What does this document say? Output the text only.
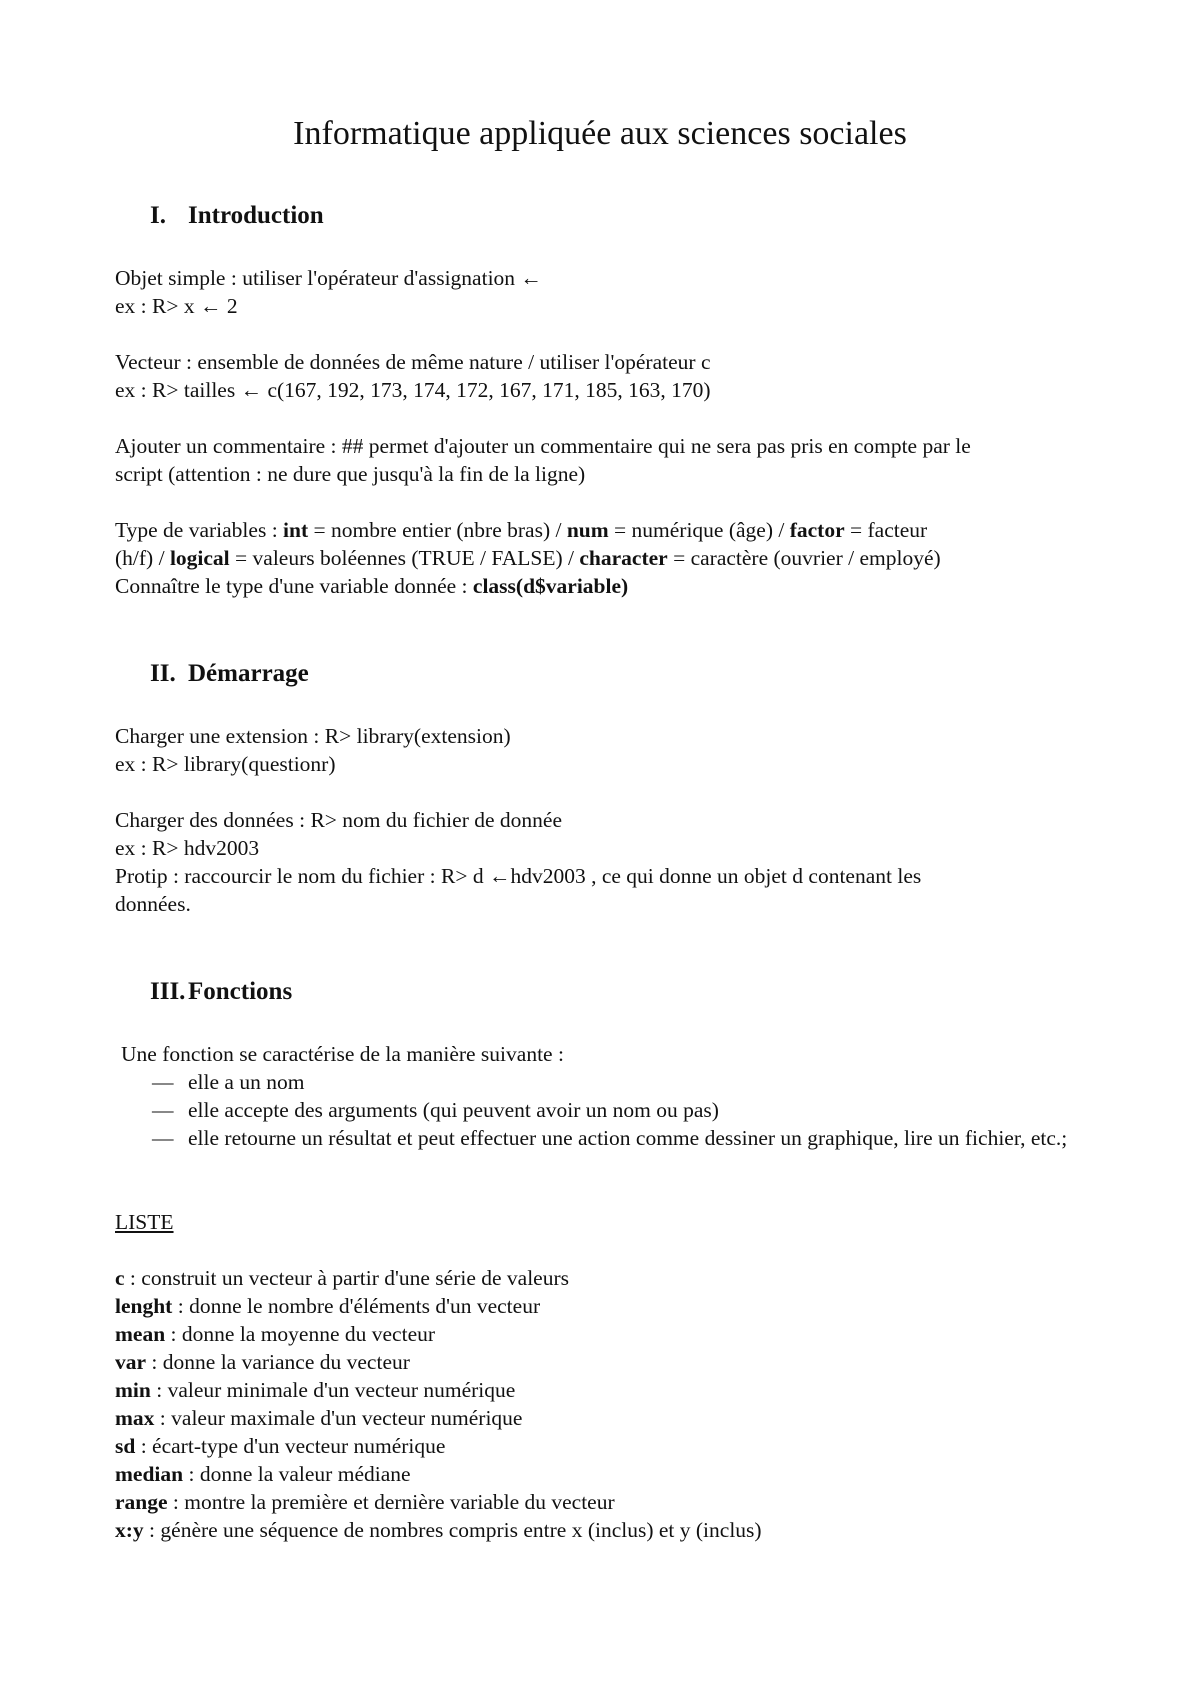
Informatique appliquée aux sciences sociales
I. Introduction

Objet simple : utiliser l'opérateur d'assignation ←
ex : R> x ← 2

Vecteur : ensemble de données de même nature / utiliser l'opérateur c
ex : R> tailles ← c(167, 192, 173, 174, 172, 167, 171, 185, 163, 170)

Ajouter un commentaire : ## permet d'ajouter un commentaire qui ne sera pas pris en compte par le
script (attention : ne dure que jusqu'à la fin de la ligne)

Type de variables : int = nombre entier (nbre bras) / num = numérique (âge) / factor = facteur
(h/f) / logical = valeurs boléennes (TRUE / FALSE) / character = caractère (ouvrier / employé)
Connaître le type d'une variable donnée : class(d$variable)

II. Démarrage

Charger une extension : R> library(extension)
ex : R> library(questionr)

Charger des données : R> nom du fichier de donnée
ex : R> hdv2003
Protip : raccourcir le nom du fichier : R> d ←hdv2003 , ce qui donne un objet d contenant les
données.

III. Fonctions

Une fonction se caractérise de la manière suivante :

— elle a un nom
— elle accepte des arguments (qui peuvent avoir un nom ou pas)
— elle retourne un résultat et peut effectuer une action comme dessiner un graphique, lire un fichier, etc.;

LISTE

c : construit un vecteur à partir d'une série de valeurs
lenght : donne le nombre d'éléments d'un vecteur
mean : donne la moyenne du vecteur
var : donne la variance du vecteur
min : valeur minimale d'un vecteur numérique
max : valeur maximale d'un vecteur numérique
sd : écart-type d'un vecteur numérique
median : donne la valeur médiane
range : montre la première et dernière variable du vecteur
x:y : génère une séquence de nombres compris entre x (inclus) et y (inclus)
